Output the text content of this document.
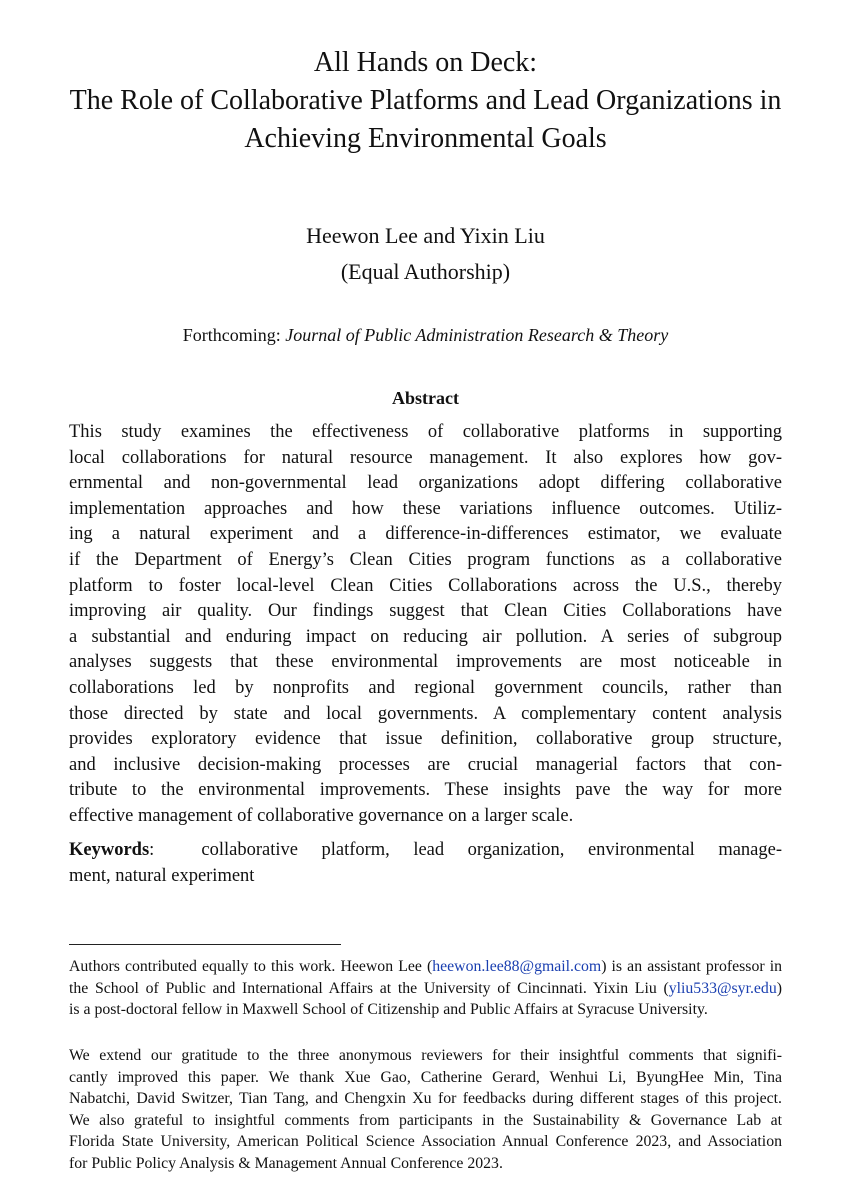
All Hands on Deck:
The Role of Collaborative Platforms and Lead Organizations in
Achieving Environmental Goals
Heewon Lee and Yixin Liu
(Equal Authorship)
Forthcoming: Journal of Public Administration Research & Theory
Abstract
This study examines the effectiveness of collaborative platforms in supporting
local collaborations for natural resource management. It also explores how gov-
ernmental and non-governmental lead organizations adopt differing collaborative
implementation approaches and how these variations influence outcomes. Utiliz-
ing a natural experiment and a difference-in-differences estimator, we evaluate
if the Department of Energy’s Clean Cities program functions as a collaborative
platform to foster local-level Clean Cities Collaborations across the U.S., thereby
improving air quality. Our findings suggest that Clean Cities Collaborations have
a substantial and enduring impact on reducing air pollution. A series of subgroup
analyses suggests that these environmental improvements are most noticeable in
collaborations led by nonprofits and regional government councils, rather than
those directed by state and local governments. A complementary content analysis
provides exploratory evidence that issue definition, collaborative group structure,
and inclusive decision-making processes are crucial managerial factors that con-
tribute to the environmental improvements. These insights pave the way for more
effective management of collaborative governance on a larger scale.
Keywords:  collaborative platform, lead organization, environmental manage-
ment, natural experiment
Authors contributed equally to this work. Heewon Lee (heewon.lee88@gmail.com) is an assistant professor in
the School of Public and International Affairs at the University of Cincinnati. Yixin Liu (yliu533@syr.edu)
is a post-doctoral fellow in Maxwell School of Citizenship and Public Affairs at Syracuse University.
We extend our gratitude to the three anonymous reviewers for their insightful comments that signifi-
cantly improved this paper. We thank Xue Gao, Catherine Gerard, Wenhui Li, ByungHee Min, Tina
Nabatchi, David Switzer, Tian Tang, and Chengxin Xu for feedbacks during different stages of this project.
We also grateful to insightful comments from participants in the Sustainability & Governance Lab at
Florida State University, American Political Science Association Annual Conference 2023, and Association
for Public Policy Analysis & Management Annual Conference 2023.
